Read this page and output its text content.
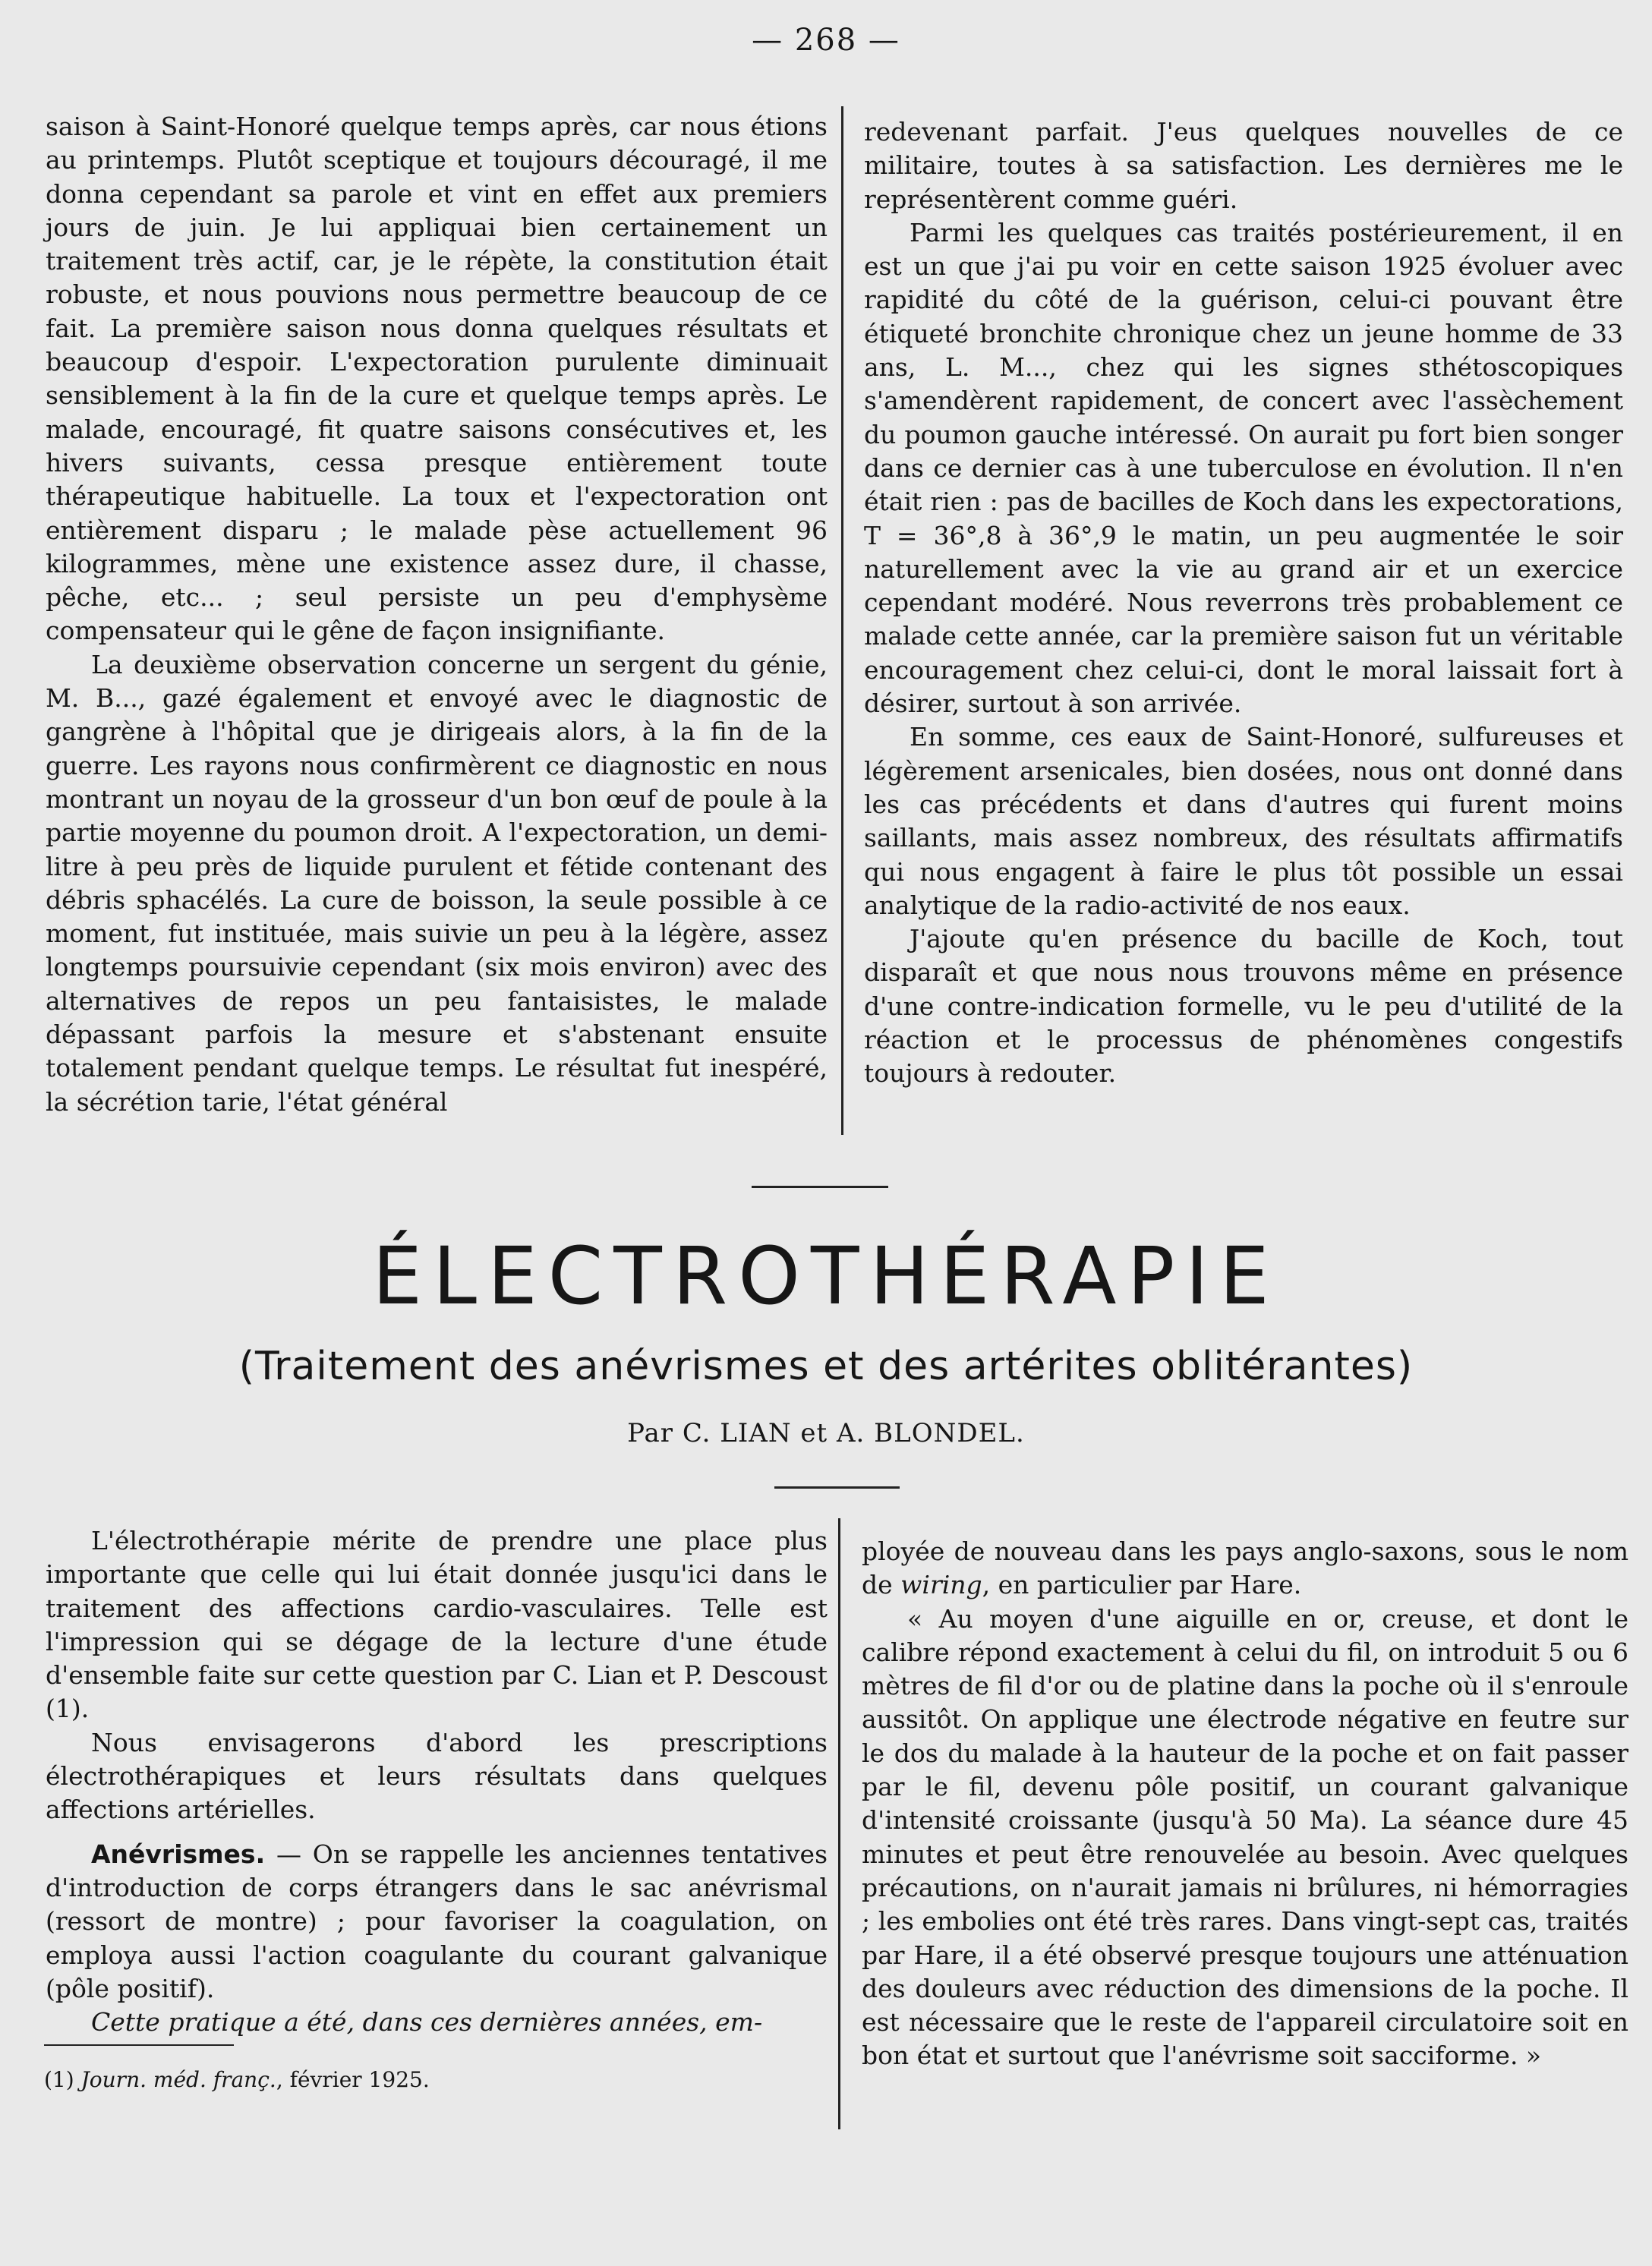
— 268 —

saison à Saint-Honoré quelque temps après, car nous étions au printemps. Plutôt sceptique et toujours découragé, il me donna cependant sa parole et vint en effet aux premiers jours de juin. Je lui appliquai bien certainement un traitement très actif, car, je le répète, la constitution était robuste, et nous pouvions nous permettre beaucoup de ce fait. La première saison nous donna quelques résultats et beaucoup d'espoir. L'expectoration purulente diminuait sensiblement à la fin de la cure et quelque temps après. Le malade, encouragé, fit quatre saisons consécutives et, les hivers suivants, cessa presque entièrement toute thérapeutique habituelle. La toux et l'expectoration ont entièrement disparu ; le malade pèse actuellement 96 kilogrammes, mène une existence assez dure, il chasse, pêche, etc... ; seul persiste un peu d'emphysème compensateur qui le gêne de façon insignifiante.

La deuxième observation concerne un sergent du génie, M. B..., gazé également et envoyé avec le diagnostic de gangrène à l'hôpital que je dirigeais alors, à la fin de la guerre. Les rayons nous confirmèrent ce diagnostic en nous montrant un noyau de la grosseur d'un bon œuf de poule à la partie moyenne du poumon droit. A l'expectoration, un demi-litre à peu près de liquide purulent et fétide contenant des débris sphacélés. La cure de boisson, la seule possible à ce moment, fut instituée, mais suivie un peu à la légère, assez longtemps poursuivie cependant (six mois environ) avec des alternatives de repos un peu fantaisistes, le malade dépassant parfois la mesure et s'abstenant ensuite totalement pendant quelque temps. Le résultat fut inespéré, la sécrétion tarie, l'état général

redevenant parfait. J'eus quelques nouvelles de ce militaire, toutes à sa satisfaction. Les dernières me le représentèrent comme guéri.

Parmi les quelques cas traités postérieurement, il en est un que j'ai pu voir en cette saison 1925 évoluer avec rapidité du côté de la guérison, celui-ci pouvant être étiqueté bronchite chronique chez un jeune homme de 33 ans, L. M..., chez qui les signes sthétoscopiques s'amendèrent rapidement, de concert avec l'assèchement du poumon gauche intéressé. On aurait pu fort bien songer dans ce dernier cas à une tuberculose en évolution. Il n'en était rien : pas de bacilles de Koch dans les expectorations, T = 36°,8 à 36°,9 le matin, un peu augmentée le soir naturellement avec la vie au grand air et un exercice cependant modéré. Nous reverrons très probablement ce malade cette année, car la première saison fut un véritable encouragement chez celui-ci, dont le moral laissait fort à désirer, surtout à son arrivée.

En somme, ces eaux de Saint-Honoré, sulfureuses et légèrement arsenicales, bien dosées, nous ont donné dans les cas précédents et dans d'autres qui furent moins saillants, mais assez nombreux, des résultats affirmatifs qui nous engagent à faire le plus tôt possible un essai analytique de la radio-activité de nos eaux.

J'ajoute qu'en présence du bacille de Koch, tout disparaît et que nous nous trouvons même en présence d'une contre-indication formelle, vu le peu d'utilité de la réaction et le processus de phénomènes congestifs toujours à redouter.

ÉLECTROTHÉRAPIE
(Traitement des anévrismes et des artérites oblitérantes)
Par C. LIAN et A. BLONDEL.

L'électrothérapie mérite de prendre une place plus importante que celle qui lui était donnée jusqu'ici dans le traitement des affections cardio-vasculaires. Telle est l'impression qui se dégage de la lecture d'une étude d'ensemble faite sur cette question par C. Lian et P. Descoust (1).

Nous envisagerons d'abord les prescriptions électrothérapiques et leurs résultats dans quelques affections artérielles.

Anévrismes. — On se rappelle les anciennes tentatives d'introduction de corps étrangers dans le sac anévrismal (ressort de montre) ; pour favoriser la coagulation, on employa aussi l'action coagulante du courant galvanique (pôle positif).

Cette pratique a été, dans ces dernières années, em-

ployée de nouveau dans les pays anglo-saxons, sous le nom de wiring, en particulier par Hare.

« Au moyen d'une aiguille en or, creuse, et dont le calibre répond exactement à celui du fil, on introduit 5 ou 6 mètres de fil d'or ou de platine dans la poche où il s'enroule aussitôt. On applique une électrode négative en feutre sur le dos du malade à la hauteur de la poche et on fait passer par le fil, devenu pôle positif, un courant galvanique d'intensité croissante (jusqu'à 50 Ma). La séance dure 45 minutes et peut être renouvelée au besoin. Avec quelques précautions, on n'aurait jamais ni brûlures, ni hémorragies ; les embolies ont été très rares. Dans vingt-sept cas, traités par Hare, il a été observé presque toujours une atténuation des douleurs avec réduction des dimensions de la poche. Il est nécessaire que le reste de l'appareil circulatoire soit en bon état et surtout que l'anévrisme soit sacciforme. »

(1) Journ. méd. franç., février 1925.
